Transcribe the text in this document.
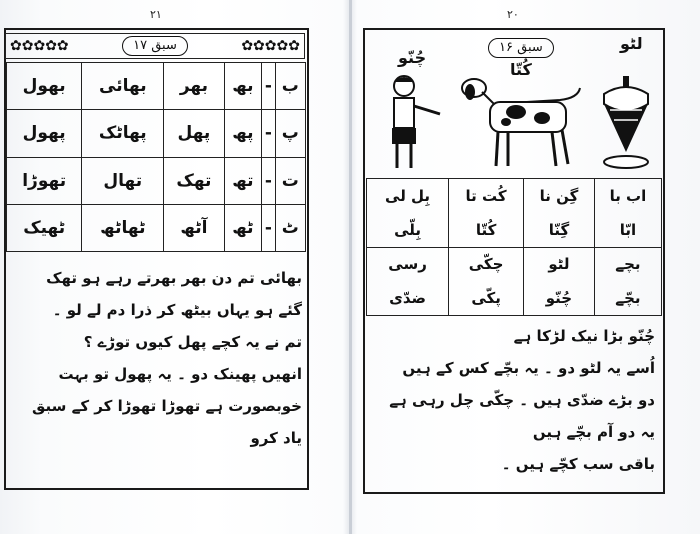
۲۱
✿✿✿✿✿	سبق ۱۷	✿✿✿✿✿
ب	-	بھ	بھر	بھائی	بھول
پ	-	پھ	پھل	پھاٹک	پھول
ت	-	تھ	تھک	تھال	تھوڑا
ٹ	-	ٹھ	آٹھ	ٹھاٹھ	ٹھیک

بھائی تم دن بھر بھرتے رہے ہو تھک

گئے ہو یہاں بیٹھ کر ذرا دم لے لو ۔

تم نے یہ کچے پھل کیوں توڑے ؟

انھیں پھینک دو ۔ یہ پھول تو بہت

خوبصورت ہے تھوڑا تھوڑا کر کے سبق یاد کرو

۲۰
سبق ۱۶	لٹو
کُتّا
چُنّو
اب با	گِن نا	کُت تا	بِل لی
ابّا	گِنّا	کُتّا	بِلّی
بچے	لٹو	چکّی	رسی
بچّے	چُنّو	پکّی	ضدّی

چُنّو بڑا نیک لڑکا ہے

اُسے یہ لٹو دو ۔ یہ بچّے کس کے ہیں

دو بڑے ضدّی ہیں ۔ چکّی چل رہی ہے

یہ دو آم بچّے ہیں

باقی سب کچّے ہیں ۔
